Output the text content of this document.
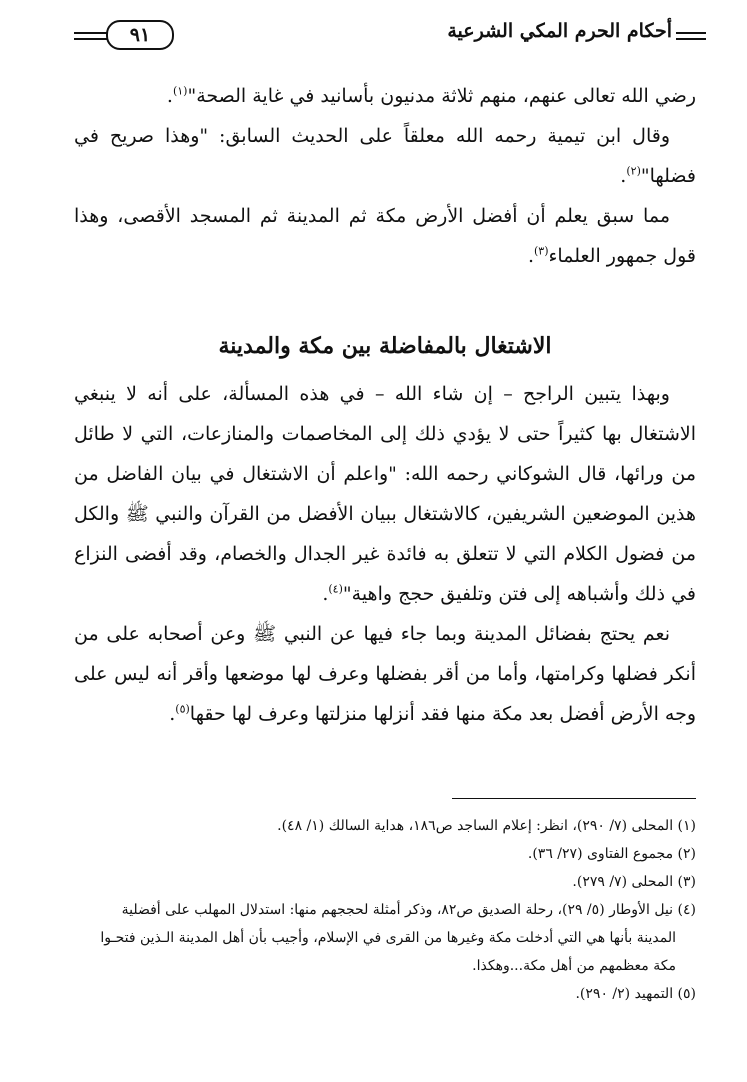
أحكام الحرم المكي الشرعية
٩١

رضي الله تعالى عنهم، منهم ثلاثة مدنيون بأسانيد في غاية الصحة"$^{(١)}$.

وقال ابن تيمية رحمه الله معلقاً على الحديث السابق: "وهذا صريح في فضلها"$^{(٢)}$.

مما سبق يعلم أن أفضل الأرض مكة ثم المدينة ثم المسجد الأقصى، وهذا قول جمهور العلماء$^{(٣)}$.

الاشتغال بالمفاضلة بين مكة والمدينة

وبهذا يتبين الراجح – إن شاء الله – في هذه المسألة، على أنه لا ينبغي الاشتغال بها كثيراً حتى لا يؤدي ذلك إلى المخاصمات والمنازعات، التي لا طائل من ورائها، قال الشوكاني رحمه الله: "واعلم أن الاشتغال في بيان الفاضل من هذين الموضعين الشريفين، كالاشتغال ببيان الأفضل من القرآن والنبي ﷺ والكل من فضول الكلام التي لا تتعلق به فائدة غير الجدال والخصام، وقد أفضى النزاع في ذلك وأشباهه إلى فتن وتلفيق حجج واهية"$^{(٤)}$.

نعم يحتج بفضائل المدينة وبما جاء فيها عن النبي ﷺ وعن أصحابه على من أنكر فضلها وكرامتها، وأما من أقر بفضلها وعرف لها موضعها وأقر أنه ليس على وجه الأرض أفضل بعد مكة منها فقد أنزلها منزلتها وعرف لها حقها$^{(٥)}$.

(١) المحلى (٧/ ٢٩٠)، انظر: إعلام الساجد ص١٨٦، هداية السالك (١/ ٤٨).

(٢) مجموع الفتاوى (٢٧/ ٣٦).

(٣) المحلى (٧/ ٢٧٩).

(٤) نيل الأوطار (٥/ ٢٩)، رحلة الصديق ص٨٢، وذكر أمثلة لحججهم منها: استدلال المهلب على أفضلية

المدينة بأنها هي التي أدخلت مكة وغيرها من القرى في الإسلام، وأجيب بأن أهل المدينة الـذين فتحـوا

مكة معظمهم من أهل مكة...وهكذا.

(٥) التمهيد (٢/ ٢٩٠).
